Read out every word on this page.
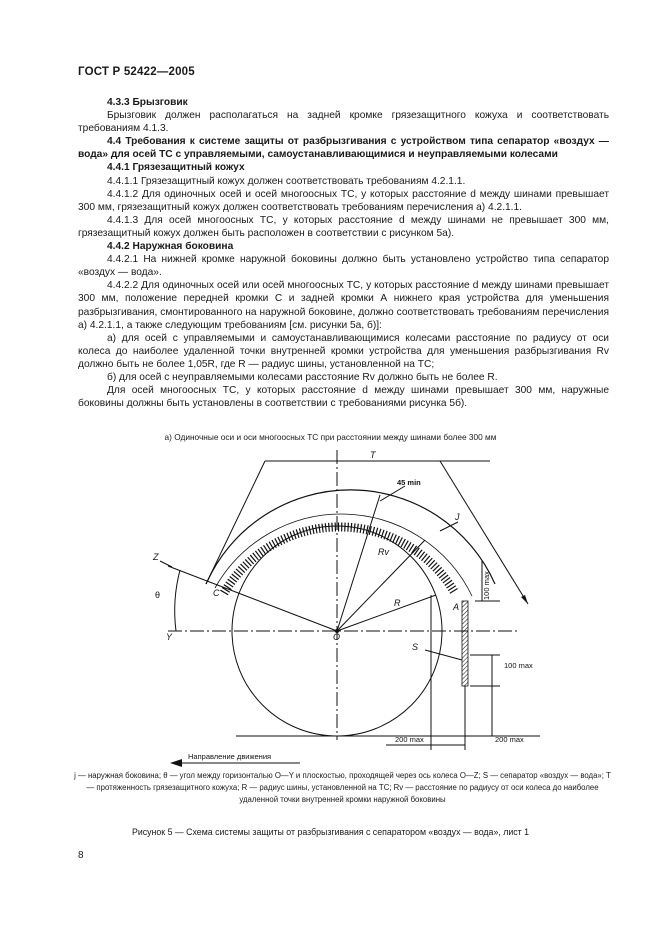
ГОСТ Р 52422—2005

4.3.3 Брызговик

Брызговик должен располагаться на задней кромке грязезащитного кожуха и соответствовать требованиям 4.1.3.

4.4 Требования к системе защиты от разбрызгивания с устройством типа сепаратор «воздух — вода» для осей ТС с управляемыми, самоустанавливающимися и неуправляемыми колесами

4.4.1 Грязезащитный кожух

4.4.1.1 Грязезащитный кожух должен соответствовать требованиям 4.2.1.1.

4.4.1.2 Для одиночных осей и осей многоосных ТС, у которых расстояние d между шинами превышает 300 мм, грязезащитный кожух должен соответствовать требованиям перечисления а) 4.2.1.1.

4.4.1.3 Для осей многоосных ТС, у которых расстояние d между шинами не превышает 300 мм, грязезащитный кожух должен быть расположен в соответствии с рисунком 5а).

4.4.2 Наружная боковина

4.4.2.1 На нижней кромке наружной боковины должно быть установлено устройство типа сепаратор «воздух — вода».

4.4.2.2 Для одиночных осей или осей многоосных ТС, у которых расстояние d между шинами превышает 300 мм, положение передней кромки С и задней кромки А нижнего края устройства для уменьшения разбрызгивания, смонтированного на наружной боковине, должно соответствовать требованиям перечисления а) 4.2.1.1, а также следующим требованиям [см. рисунки 5а, б)]:

а) для осей с управляемыми и самоустанавливающимися колесами расстояние по радиусу от оси колеса до наиболее удаленной точки внутренней кромки устройства для уменьшения разбрызгивания Rv должно быть не более 1,05R, где R — радиус шины, установленной на ТС;

б) для осей с неуправляемыми колесами расстояние Rv должно быть не более R.

Для осей многоосных ТС, у которых расстояние d между шинами превышает 300 мм, наружные боковины должны быть установлены в соответствии с требованиями рисунка 5б).

а) Одиночные оси и оси многоосных ТС при расстоянии между шинами более 300 мм
T
45 min
J
Z
θ	C
Rv
R	A
Y	O
S
100 max
200 max	200 max
Направление движения
100 max
j — наружная боковина; θ — угол между горизонталью O—Y и плоскостью, проходящей через ось колеса O—Z; S — сепаратор «воздух — вода»; T — протяженность грязезащитного кожуха; R — радиус шины, установленной на ТС; Rv — расстояние по радиусу от оси колеса до наиболее удаленной точки внутренней кромки наружной боковины
Рисунок 5 — Схема системы защиты от разбрызгивания с сепаратором «воздух — вода», лист 1
8
